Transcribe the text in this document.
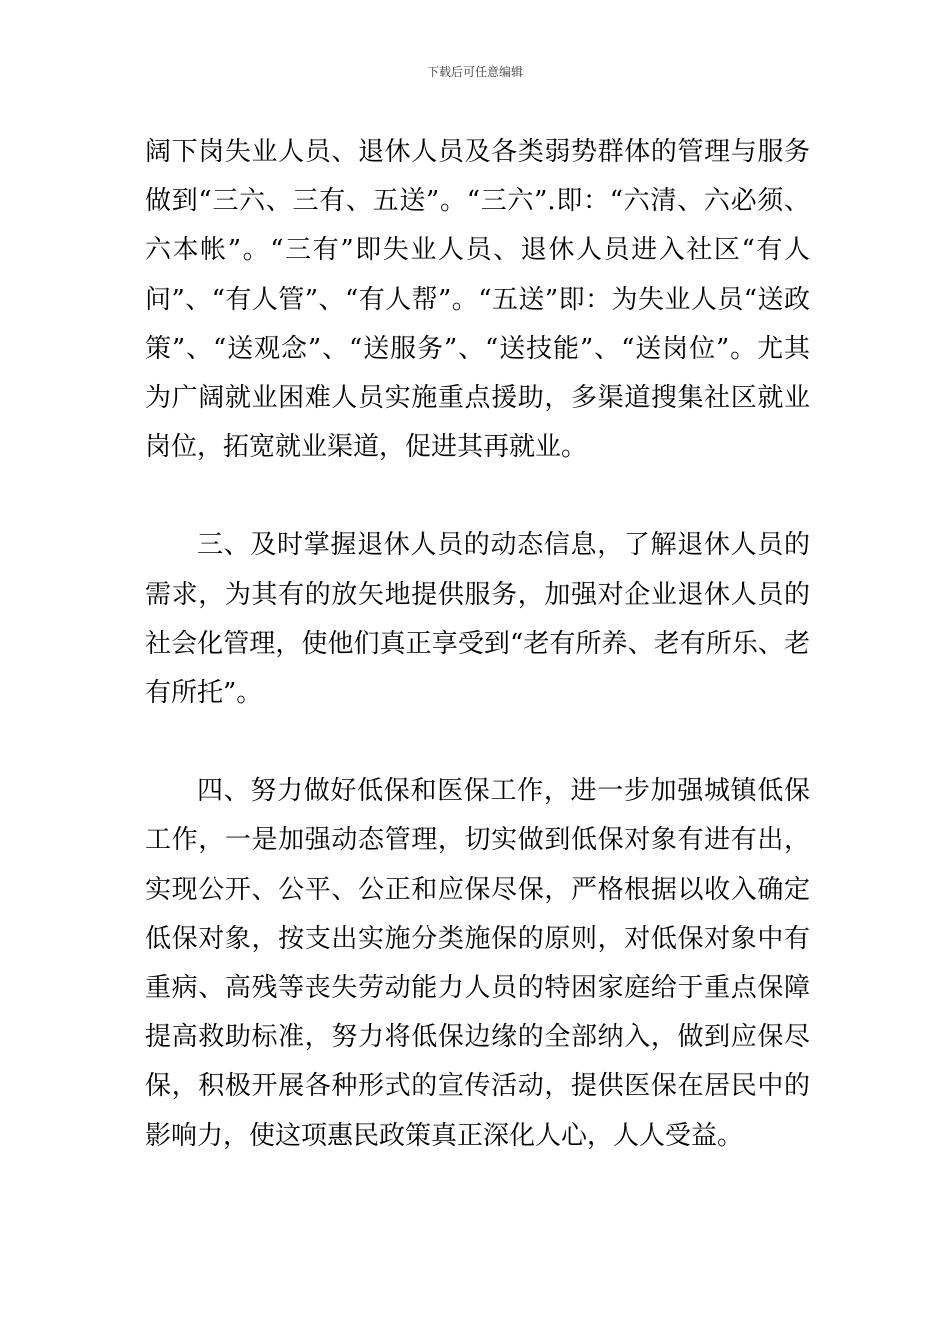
下载后可任意编辑

阔下岗失业人员、退休人员及各类弱势群体的管理与服务做到“三六、三有、五送”。“三六”.即：“六清、六必须、六本帐”。“三有”即失业人员、退休人员进入社区“有人问”、“有人管”、“有人帮”。“五送”即：为失业人员“送政策”、“送观念”、“送服务”、“送技能”、“送岗位”。尤其为广阔就业困难人员实施重点援助，多渠道搜集社区就业岗位，拓宽就业渠道，促进其再就业。

三、及时掌握退休人员的动态信息，了解退休人员的需求，为其有的放矢地提供服务，加强对企业退休人员的社会化管理，使他们真正享受到“老有所养、老有所乐、老有所托”。

四、努力做好低保和医保工作，进一步加强城镇低保工作，一是加强动态管理，切实做到低保对象有进有出，实现公开、公平、公正和应保尽保，严格根据以收入确定低保对象，按支出实施分类施保的原则，对低保对象中有重病、高残等丧失劳动能力人员的特困家庭给于重点保障提高救助标准，努力将低保边缘的全部纳入，做到应保尽保，积极开展各种形式的宣传活动，提供医保在居民中的影响力，使这项惠民政策真正深化人心，人人受益。
